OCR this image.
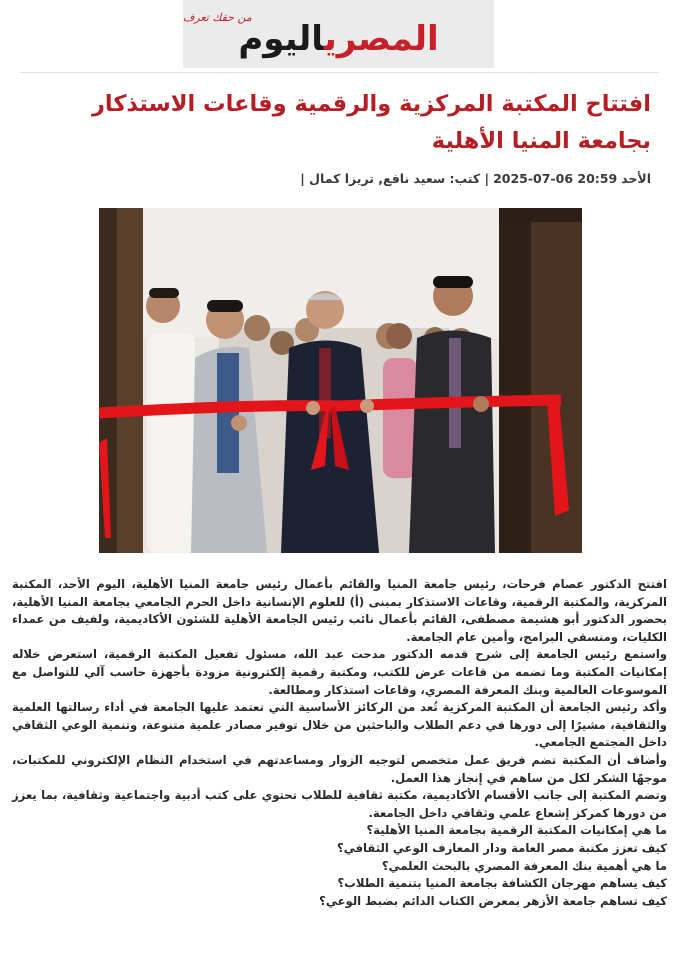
من حقك تعرف
المصرياليوم
افتتاح المكتبة المركزية والرقمية وقاعات الاستذكار بجامعة المنيا الأهلية
الأحد
2025-07-06 20:59
| كتب: سعيد نافع, تريزا كمال |

افتتح الدكتور عصام فرحات، رئيس جامعة المنيا والقائم بأعمال رئيس جامعة المنيا الأهلية، اليوم الأحد، المكتبة المركزية، والمكتبة الرقمية، وقاعات الاستذكار بمبنى (أ) للعلوم الإنسانية داخل الحرم الجامعي بجامعة المنيا الأهلية، بحضور الدكتور أبو هشيمة مصطفى، القائم بأعمال نائب رئيس الجامعة الأهلية للشئون الأكاديمية، ولفيف من عمداء الكليات، ومنسقي البرامج، وأمين عام الجامعة.

واستمع رئيس الجامعة إلى شرح قدمه الدكتور مدحت عبد الله، مسئول تفعيل المكتبة الرقمية، استعرض خلاله إمكانيات المكتبة وما تضمه من قاعات عرض للكتب، ومكتبة رقمية إلكترونية مزودة بأجهزة حاسب آلي للتواصل مع الموسوعات العالمية وبنك المعرفة المصري، وقاعات استذكار ومطالعة.

وأكد رئيس الجامعة أن المكتبة المركزية تُعد من الركائز الأساسية التي تعتمد عليها الجامعة في أداء رسالتها العلمية والثقافية، مشيرًا إلى دورها في دعم الطلاب والباحثين من خلال توفير مصادر علمية متنوعة، وتنمية الوعي الثقافي داخل المجتمع الجامعي.

وأضاف أن المكتبة تضم فريق عمل متخصص لتوجيه الزوار ومساعدتهم في استخدام النظام الإلكتروني للمكتبات، موجهًا الشكر لكل من ساهم في إنجاز هذا العمل.

وتضم المكتبة إلى جانب الأقسام الأكاديمية، مكتبة ثقافية للطلاب تحتوي على كتب أدبية واجتماعية وثقافية، بما يعزز من دورها كمركز إشعاع علمي وثقافي داخل الجامعة.

ما هي إمكانيات المكتبة الرقمية بجامعة المنيا الأهلية؟

كيف تعزز مكتبة مصر العامة ودار المعارف الوعي الثقافي؟

ما هي أهمية بنك المعرفة المصري بالبحث العلمي؟

كيف يساهم مهرجان الكشافة بجامعة المنيا بتنمية الطلاب؟

كيف تساهم جامعة الأزهر بمعرض الكتاب الدائم بضبط الوعي؟
